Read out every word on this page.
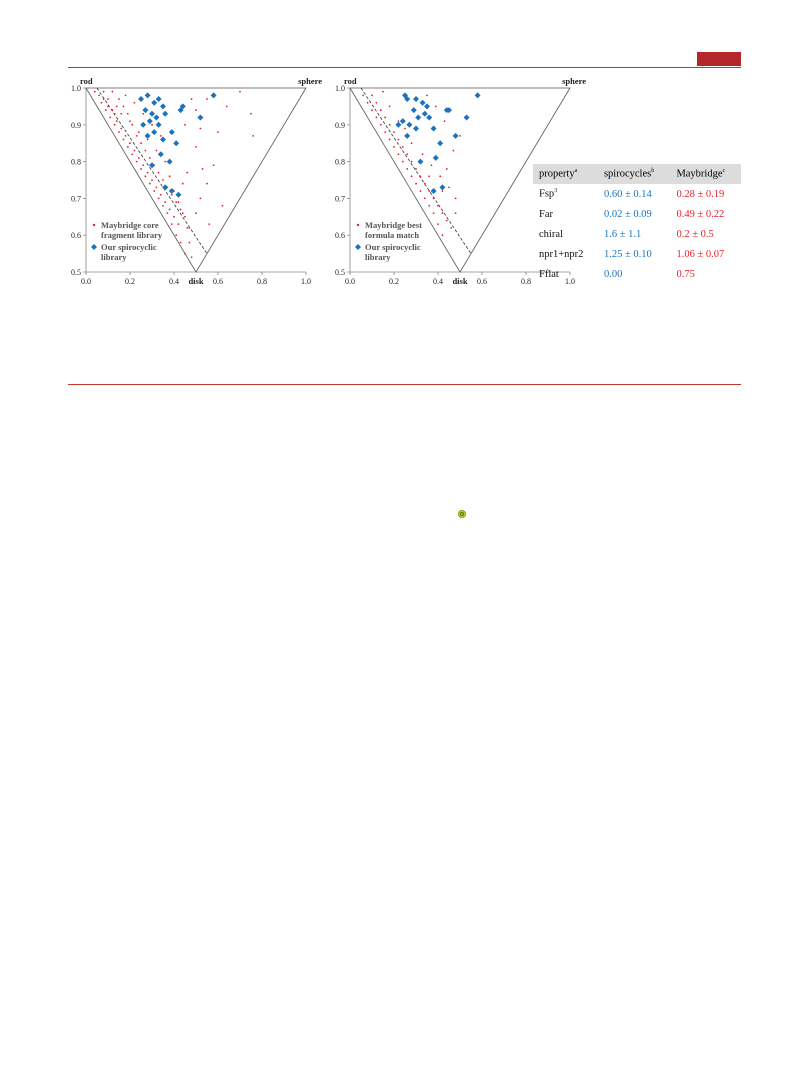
0.0	0.2	0.4	0.6	0.8	1.0
1.0
0.9
0.8
0.7
0.6
0.5
rod	sphere
disk
Maybridge core
fragment library
Our spirocyclic
library
0.0	0.2	0.4	0.6	0.8	1.0
1.0
0.9
0.8
0.7
0.6
0.5
rod	sphere
disk
Maybridge best
formula match
Our spirocyclic
library
property$^a$	spirocycles$^b$	Maybridge$^c$
Fsp$^3$	0.60 ± 0.14	0.28 ± 0.19
Far	0.02 ± 0.09	0.49 ± 0.22
chiral	1.6 ± 1.1	0.2 ± 0.5
npr1+npr2	1.25 ± 0.10	1.06 ± 0.07
Fflat	0.00	0.75
